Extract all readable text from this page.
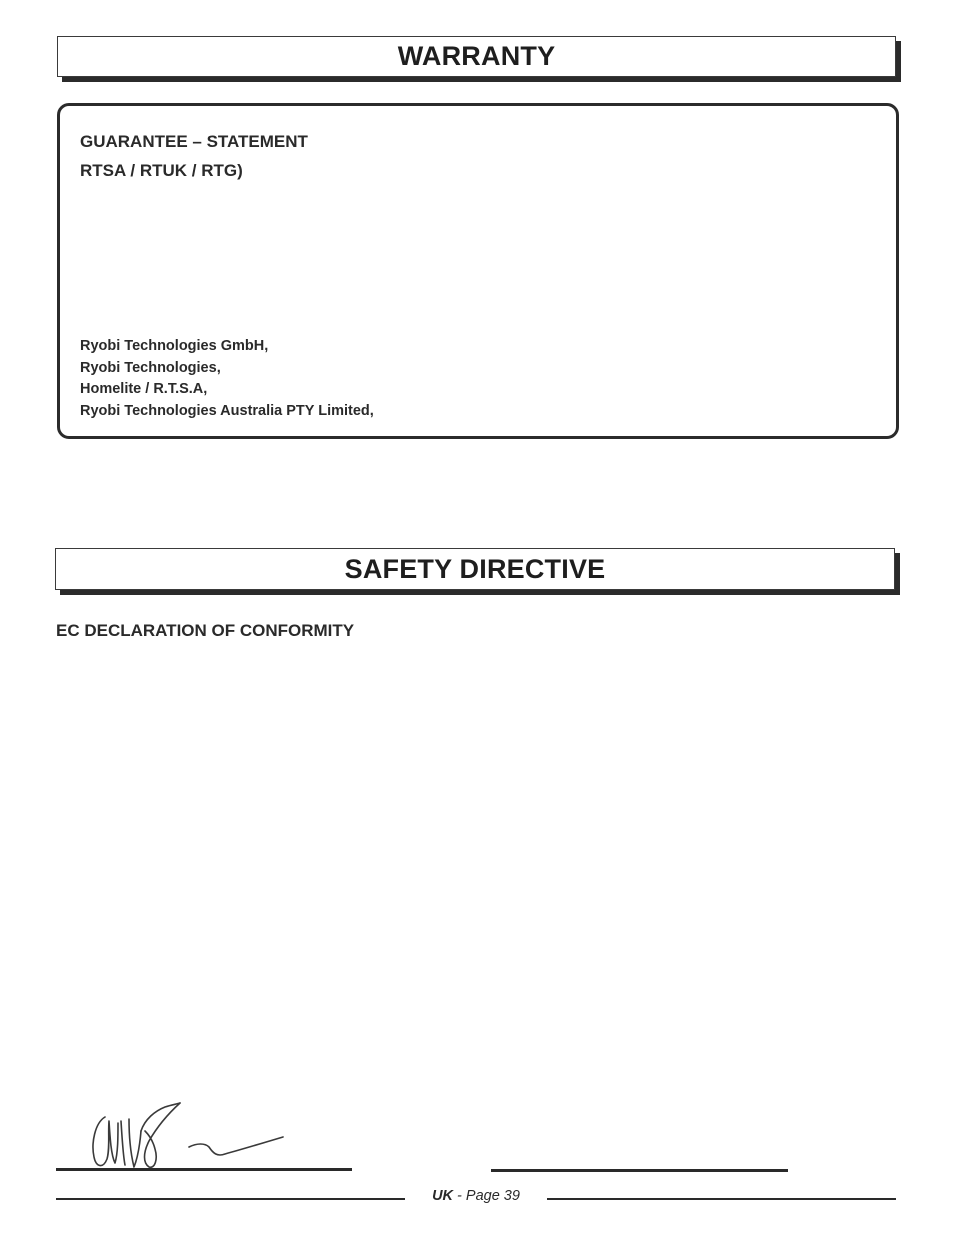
WARRANTY
GUARANTEE – STATEMENT
RTSA / RTUK / RTG)
Ryobi Technologies GmbH,
Ryobi Technologies,
Homelite / R.T.S.A,
Ryobi Technologies Australia PTY Limited,
SAFETY DIRECTIVE
EC DECLARATION OF CONFORMITY
UK - Page 39
